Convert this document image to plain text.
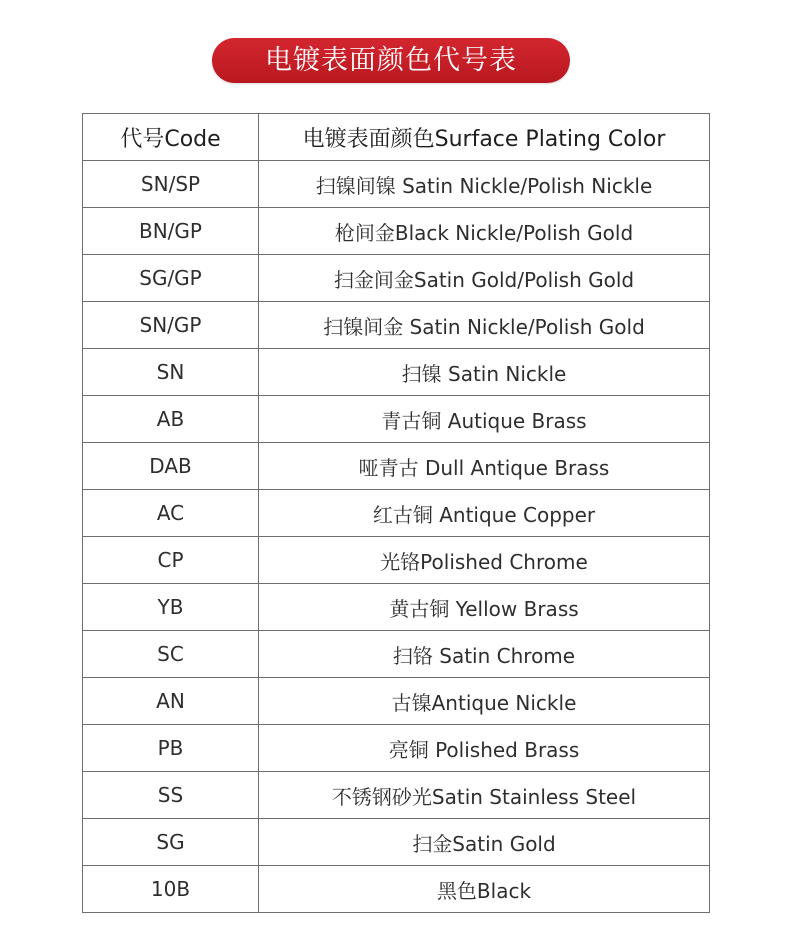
电镀表面颜色代号表
代号Code	电镀表面颜色Surface Plating Color
SN/SP	扫镍间镍 Satin Nickle/Polish Nickle
BN/GP	枪间金Black Nickle/Polish Gold
SG/GP	扫金间金Satin Gold/Polish Gold
SN/GP	扫镍间金 Satin Nickle/Polish Gold
SN	扫镍 Satin Nickle
AB	青古铜 Autique Brass
DAB	哑青古 Dull Antique Brass
AC	红古铜 Antique Copper
CP	光铬Polished Chrome
YB	黄古铜 Yellow Brass
SC	扫铬 Satin Chrome
AN	古镍Antique Nickle
PB	亮铜 Polished Brass
SS	不锈钢砂光Satin Stainless Steel
SG	扫金Satin Gold
10B	黑色Black
